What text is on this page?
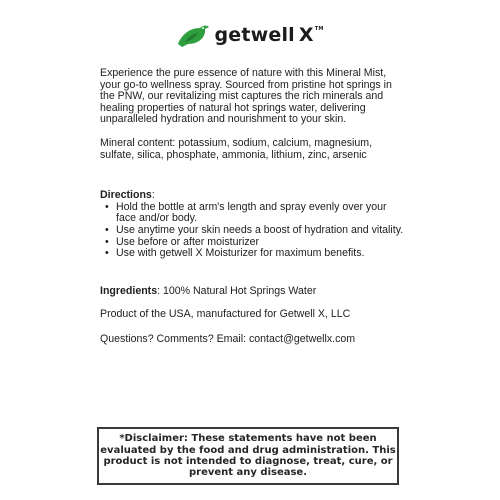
getwell X™

Experience the pure essence of nature with this Mineral Mist, your go-to wellness spray. Sourced from pristine hot springs in the PNW, our revitalizing mist captures the rich minerals and healing properties of natural hot springs water, delivering unparalleled hydration and nourishment to your skin.

Mineral content: potassium, sodium, calcium, magnesium, sulfate, silica, phosphate, ammonia, lithium, zinc, arsenic

Directions:

• Hold the bottle at arm's length and spray evenly over your face and/or body.
• Use anytime your skin needs a boost of hydration and vitality.
• Use before or after moisturizer
• Use with getwell X Moisturizer for maximum benefits.

Ingredients: 100% Natural Hot Springs Water

Product of the USA, manufactured for Getwell X, LLC

Questions? Comments? Email: contact@getwellx.com

*Disclaimer: These statements have not been evaluated by the food and drug administration. This product is not intended to diagnose, treat, cure, or prevent any disease.
